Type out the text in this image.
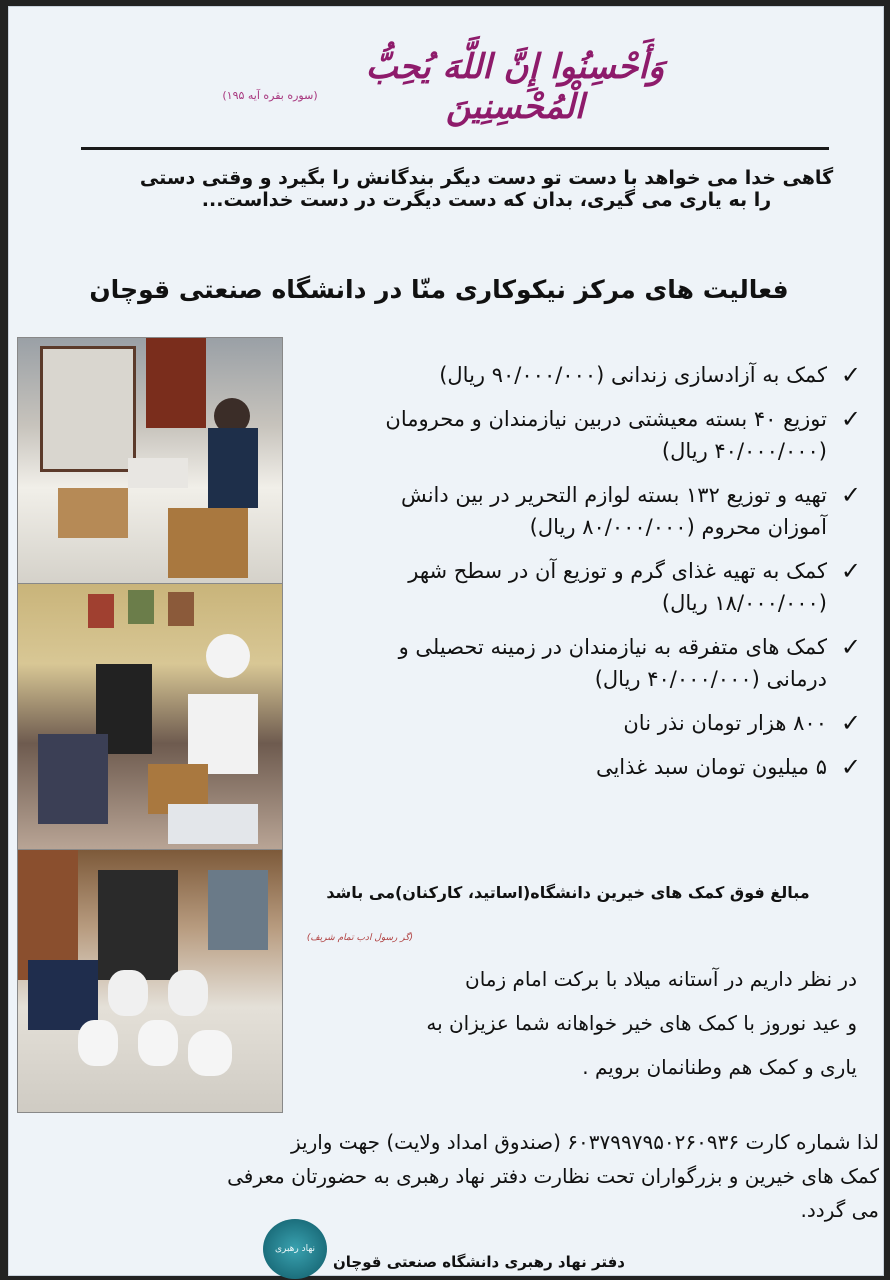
وَأَحْسِنُوا إِنَّ اللَّهَ يُحِبُّ الْمُحْسِنِينَ
(سوره بقره آیه ۱۹۵)
گاهی خدا می خواهد با دست تو دست دیگر بندگانش را بگیرد و وقتی دستی
را به یاری می گیری، بدان که دست دیگرت در دست خداست...
فعالیت های مرکز نیکوکاری منّا در دانشگاه صنعتی قوچان
✓
کمک به آزادسازی زندانی (۹۰/۰۰۰/۰۰۰ ریال)
✓
توزیع ۴۰ بسته معیشتی دربین نیازمندان و محرومان
(۴۰/۰۰۰/۰۰۰ ریال)
✓
تهیه و توزیع ۱۳۲ بسته لوازم التحریر در بین دانش
آموزان محروم (۸۰/۰۰۰/۰۰۰ ریال)
✓
کمک به تهیه غذای گرم و توزیع آن در سطح شهر
(۱۸/۰۰۰/۰۰۰ ریال)
✓
کمک های متفرقه به نیازمندان در زمینه تحصیلی و
درمانی (۴۰/۰۰۰/۰۰۰ ریال)
✓
۸۰۰ هزار تومان نذر نان
✓
۵ میلیون تومان سبد غذایی
مبالغ فوق کمک های خیرین دانشگاه(اساتید، کارکنان)می باشد
(گر رسول ادب تمام شریف)
در نظر داریم در آستانه میلاد با برکت امام زمان
و عید نوروز با کمک های خیر خواهانه شما عزیزان به
یاری و کمک هم وطنانمان برویم .
لذا شماره کارت ۶۰۳۷۹۹۷۹۵۰۲۶۰۹۳۶ (صندوق امداد ولایت) جهت واریز
کمک های خیرین و بزرگواران تحت نظارت دفتر نهاد رهبری به حضورتان معرفی
می گردد.
نهاد رهبری
دفتر نهاد رهبری دانشگاه صنعتی قوچان
